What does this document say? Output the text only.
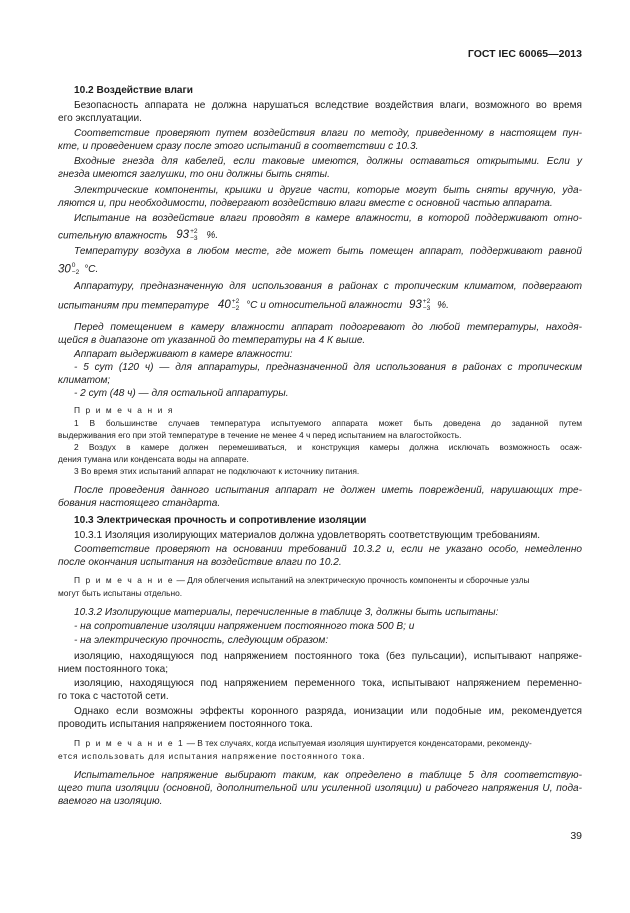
ГОСТ IEC 60065—2013
10.2 Воздействие влаги
Безопасность аппарата не должна нарушаться вследствие воздействия влаги, возможного во время
его эксплуатации.
Соответствие проверяют путем воздействия влаги по методу, приведенному в настоящем пун-
кте, и проведением сразу после этого испытаний в соответствии с 10.3.
Входные гнезда для кабелей, если таковые имеются, должны оставаться открытыми. Если у
гнезда имеются заглушки, то они должны быть сняты.
Электрические компоненты, крышки и другие части, которые могут быть сняты вручную, уда-
ляются и, при необходимости, подвергают воздействию влаги вместе с основной частью аппарата.
Испытание на воздействие влаги проводят в камере влажности, в которой поддерживают отно-
сительную влажность 93 +2
−3 %.
Температуру воздуха в любом месте, где может быть помещен аппарат, поддерживают равной
30 0
−2 °C.
Аппаратуру, предназначенную для использования в районах с тропическим климатом, подвергают
испытаниям при температуре 40 +2
−2 °C и относительной влажности 93 +2
−3 %.
Перед помещением в камеру влажности аппарат подогревают до любой температуры, находя-
щейся в диапазоне от указанной до температуры на 4 К выше.
Аппарат выдерживают в камере влажности:
- 5 сут (120 ч) — для аппаратуры, предназначенной для использования в районах с тропическим
климатом;
- 2 сут (48 ч) — для остальной аппаратуры.
П р и м е ч а н и я
1 В большинстве случаев температура испытуемого аппарата может быть доведена до заданной путем
выдерживания его при этой температуре в течение не менее 4 ч перед испытанием на влагостойкость.
2 Воздух в камере должен перемешиваться, и конструкция камеры должна исключать возможность осаж-
дения тумана или конденсата воды на аппарате.
3 Во время этих испытаний аппарат не подключают к источнику питания.
После проведения данного испытания аппарат не должен иметь повреждений, нарушающих тре-
бования настоящего стандарта.
10.3 Электрическая прочность и сопротивление изоляции
10.3.1 Изоляция изолирующих материалов должна удовлетворять соответствующим требованиям.
Соответствие проверяют на основании требований 10.3.2 и, если не указано особо, немедленно
после окончания испытания на воздействие влаги по 10.2.
П р и м е ч а н и е — Для облегчения испытаний на электрическую прочность компоненты и сборочные узлы
могут быть испытаны отдельно.
10.3.2 Изолирующие материалы, перечисленные в таблице 3, должны быть испытаны:
- на сопротивление изоляции напряжением постоянного тока 500 В; и
- на электрическую прочность, следующим образом:
изоляцию, находящуюся под напряжением постоянного тока (без пульсации), испытывают напряже-
нием постоянного тока;
изоляцию, находящуюся под напряжением переменного тока, испытывают напряжением переменно-
го тока с частотой сети.
Однако если возможны эффекты коронного разряда, ионизации или подобные им, рекомендуется
проводить испытания напряжением постоянного тока.
П р и м е ч а н и е 1 — В тех случаях, когда испытуемая изоляция шунтируется конденсаторами, рекоменду-
ется использовать для испытания напряжение постоянного тока.
Испытательное напряжение выбирают таким, как определено в таблице 5 для соответствую-
щего типа изоляции (основной, дополнительной или усиленной изоляции) и рабочего напряжения U, пода-
ваемого на изоляцию.
39
